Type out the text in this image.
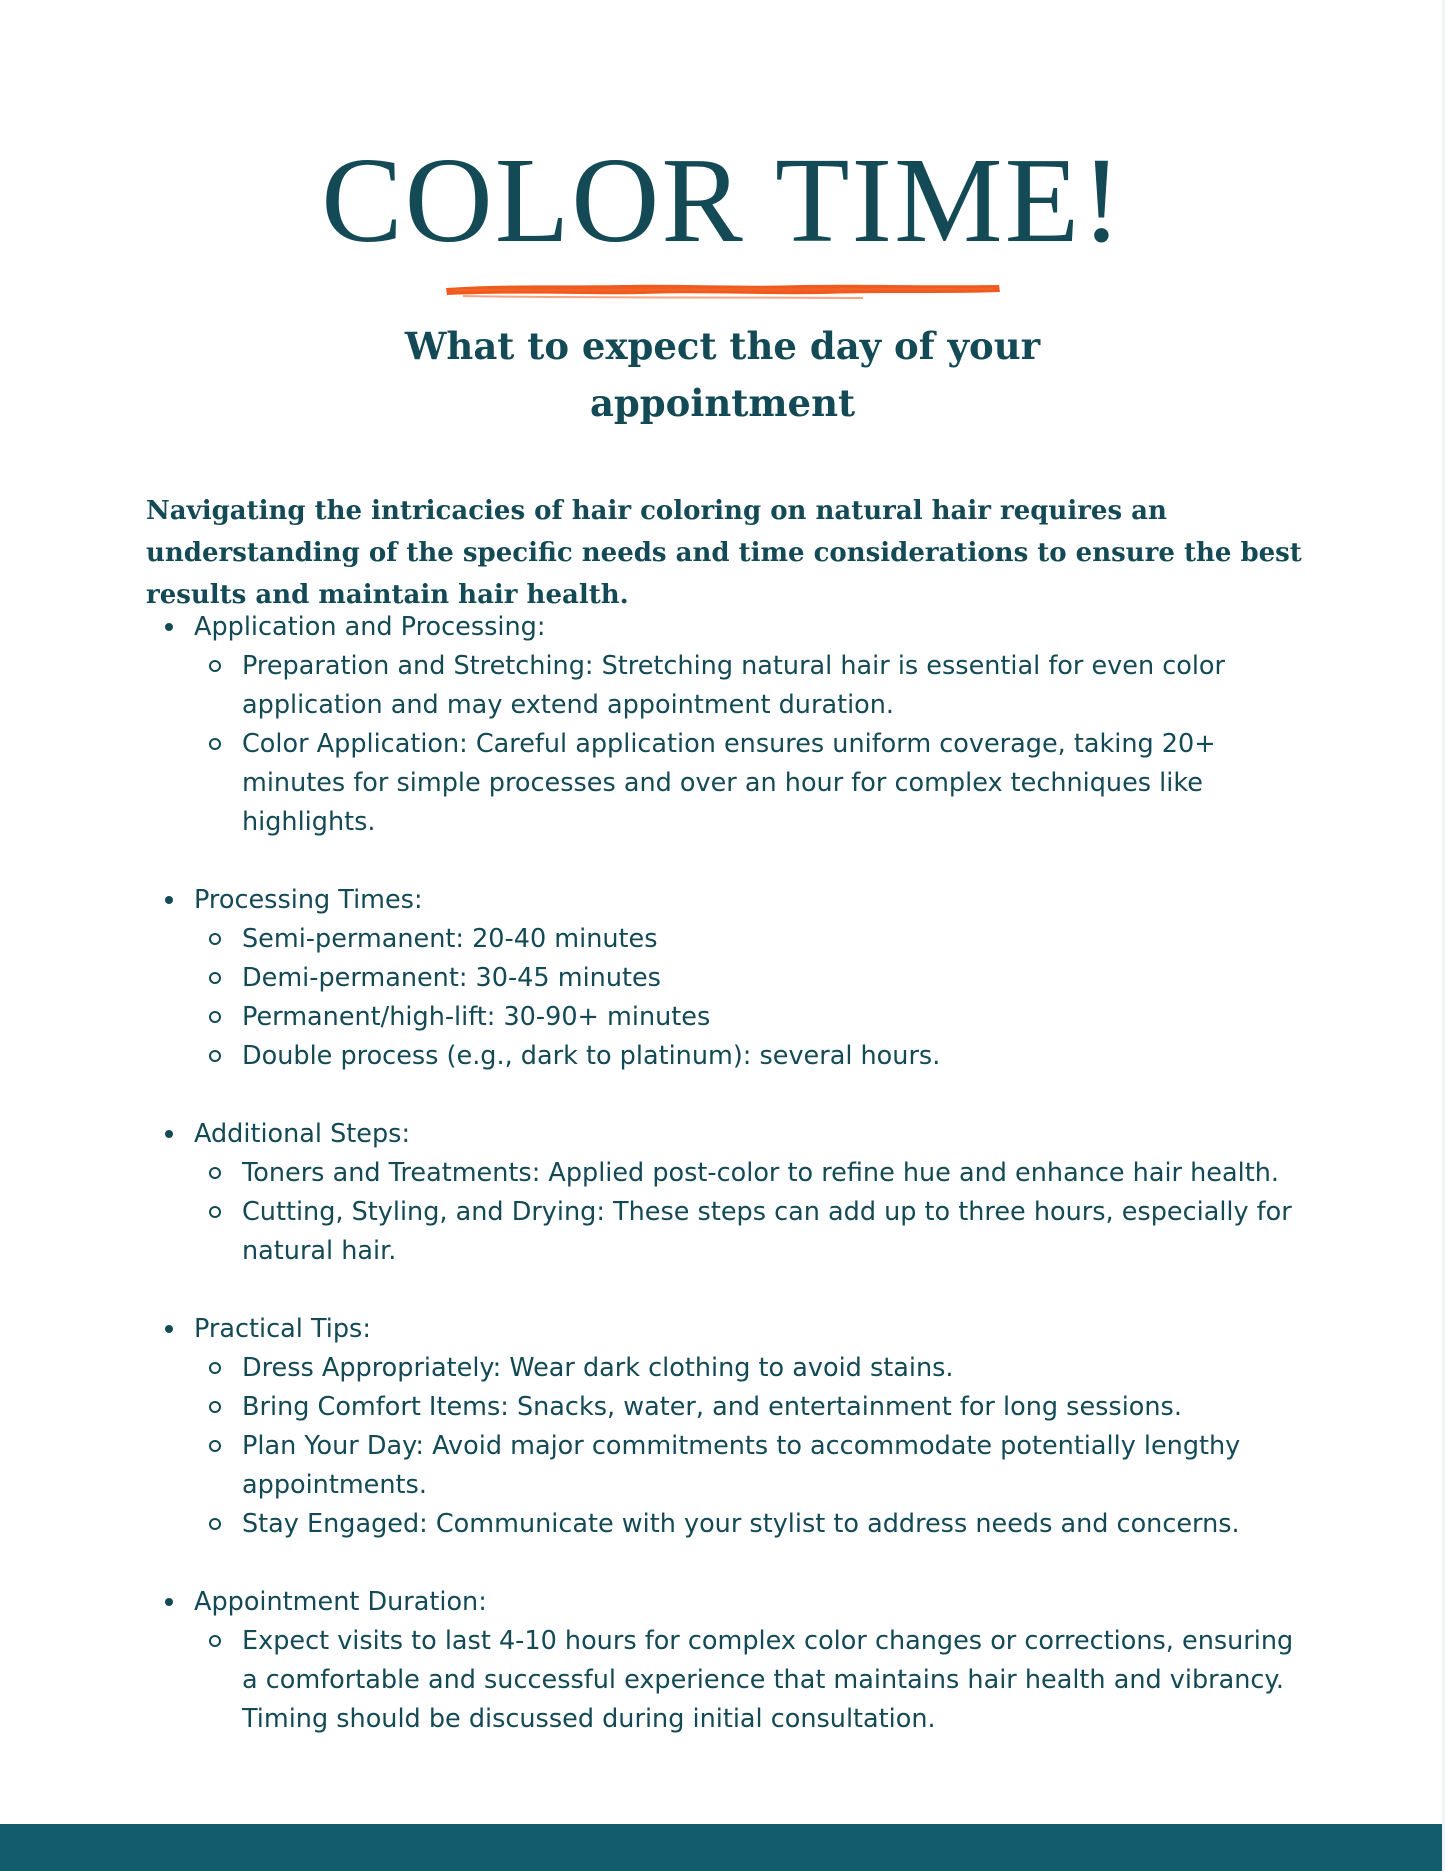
COLOR TIME!
What to expect the day of your
appointment

Navigating the intricacies of hair coloring on natural hair requires an understanding of the specific needs and time considerations to ensure the best results and maintain hair health.

Application and Processing:
Preparation and Stretching: Stretching natural hair is essential for even color application and may extend appointment duration.
Color Application: Careful application ensures uniform coverage, taking 20+ minutes for simple processes and over an hour for complex techniques like highlights.
Processing Times:
Semi-permanent: 20-40 minutes
Demi-permanent: 30-45 minutes
Permanent/high-lift: 30-90+ minutes
Double process (e.g., dark to platinum): several hours.
Additional Steps:
Toners and Treatments: Applied post-color to refine hue and enhance hair health.
Cutting, Styling, and Drying: These steps can add up to three hours, especially for natural hair.
Practical Tips:
Dress Appropriately: Wear dark clothing to avoid stains.
Bring Comfort Items: Snacks, water, and entertainment for long sessions.
Plan Your Day: Avoid major commitments to accommodate potentially lengthy appointments.
Stay Engaged: Communicate with your stylist to address needs and concerns.
Appointment Duration:
Expect visits to last 4-10 hours for complex color changes or corrections, ensuring a comfortable and successful experience that maintains hair health and vibrancy. Timing should be discussed during initial consultation.
